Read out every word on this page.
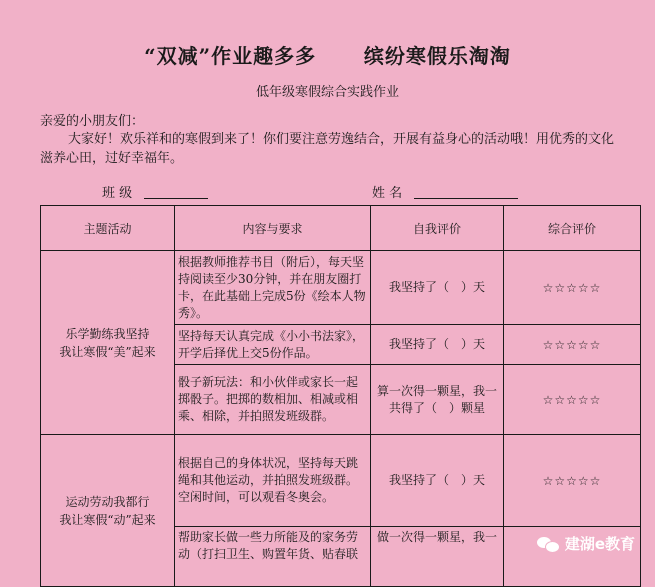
“双减”作业趣多多 缤纷寒假乐淘淘
低年级寒假综合实践作业
亲爱的小朋友们：
大家好！欢乐祥和的寒假到来了！你们要注意劳逸结合，开展有益身心的活动哦！用优秀的文化滋养心田，过好幸福年。
班 级	姓 名
主题活动	内容与要求	自我评价	综合评价

乐学勤练我坚持
我让寒假“美”起来	根据教师推荐书目（附后），每天坚持阅读至少30分钟，并在朋友圈打卡，在此基础上完成5份《绘本人物秀》。	我坚持了（　）天	☆☆☆☆☆
	坚持每天认真完成《小小书法家》，开学后择优上交5份作品。	我坚持了（　）天	☆☆☆☆☆
	骰子新玩法：和小伙伴或家长一起掷骰子。把掷的数相加、相减或相乘、相除，并拍照发班级群。	算一次得一颗星，我一共得了（　）颗星	☆☆☆☆☆

运动劳动我都行
我让寒假“动”起来	根据自己的身体状况，坚持每天跳绳和其他运动，并拍照发班级群。空闲时间，可以观看冬奥会。	我坚持了（　）天	☆☆☆☆☆
	帮助家长做一些力所能及的家务劳动（打扫卫生、购置年货、贴春联	做一次得一颗星，我一		建湖e教育
